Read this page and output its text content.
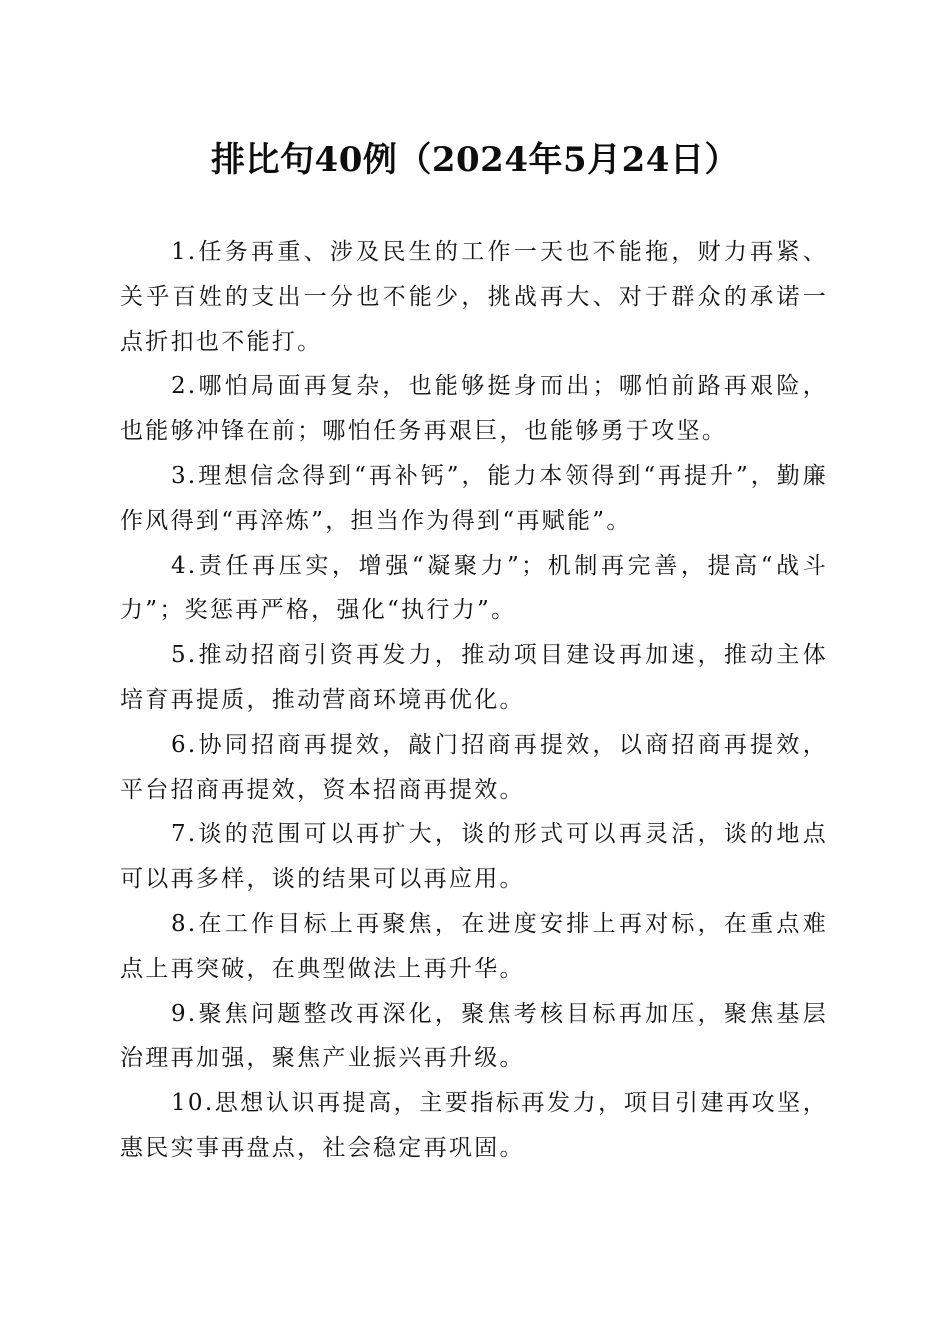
排比句40例（2024年5月24日）

1.任务再重、涉及民生的工作一天也不能拖，财力再紧、关乎百姓的支出一分也不能少，挑战再大、对于群众的承诺一点折扣也不能打。

2.哪怕局面再复杂，也能够挺身而出；哪怕前路再艰险，也能够冲锋在前；哪怕任务再艰巨，也能够勇于攻坚。

3.理想信念得到“再补钙”，能力本领得到“再提升”，勤廉作风得到“再淬炼”，担当作为得到“再赋能”。

4.责任再压实，增强“凝聚力”；机制再完善，提高“战斗力”；奖惩再严格，强化“执行力”。

5.推动招商引资再发力，推动项目建设再加速，推动主体培育再提质，推动营商环境再优化。

6.协同招商再提效，敲门招商再提效，以商招商再提效，平台招商再提效，资本招商再提效。

7.谈的范围可以再扩大，谈的形式可以再灵活，谈的地点可以再多样，谈的结果可以再应用。

8.在工作目标上再聚焦，在进度安排上再对标，在重点难点上再突破，在典型做法上再升华。

9.聚焦问题整改再深化，聚焦考核目标再加压，聚焦基层治理再加强，聚焦产业振兴再升级。

10.思想认识再提高，主要指标再发力，项目引建再攻坚，惠民实事再盘点，社会稳定再巩固。
